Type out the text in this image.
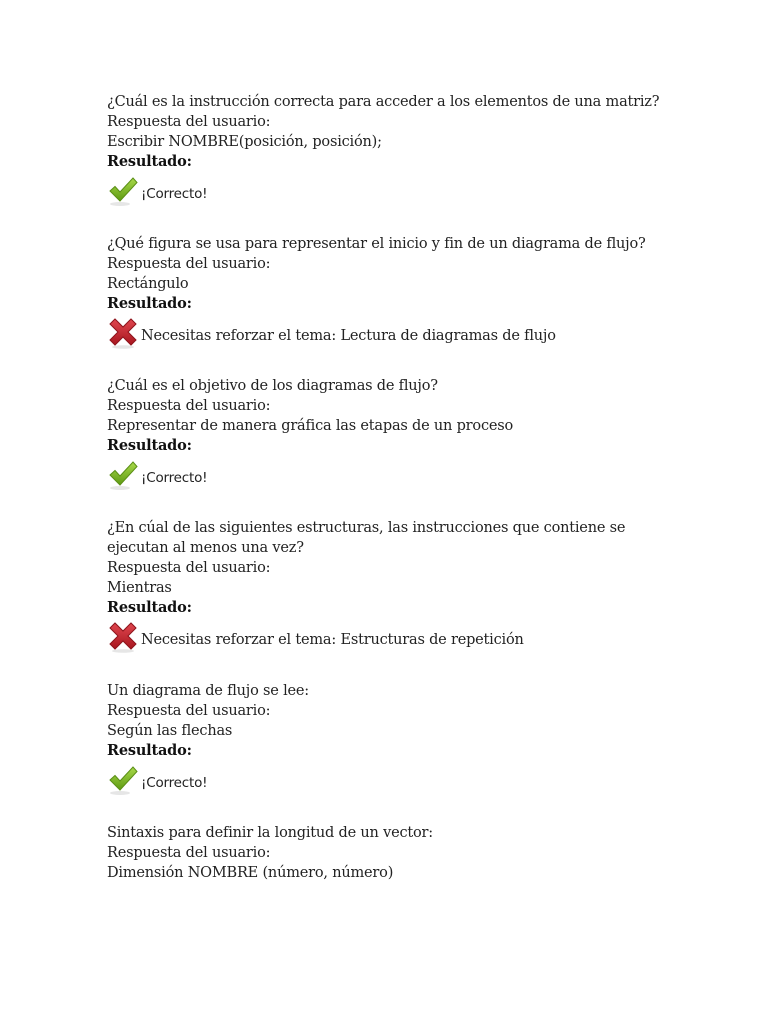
¿Cuál es la instrucción correcta para acceder a los elementos de una matriz?
Respuesta del usuario:
Escribir NOMBRE(posición, posición);
Resultado:
¡Correcto!
¿Qué figura se usa para representar el inicio y fin de un diagrama de flujo?
Respuesta del usuario:
Rectángulo
Resultado:
Necesitas reforzar el tema: Lectura de diagramas de flujo
¿Cuál es el objetivo de los diagramas de flujo?
Respuesta del usuario:
Representar de manera gráfica las etapas de un proceso
Resultado:
¡Correcto!
¿En cúal de las siguientes estructuras, las instrucciones que contiene se ejecutan al menos una vez?
Respuesta del usuario:
Mientras
Resultado:
Necesitas reforzar el tema: Estructuras de repetición
Un diagrama de flujo se lee:
Respuesta del usuario:
Según las flechas
Resultado:
¡Correcto!
Sintaxis para definir la longitud de un vector:
Respuesta del usuario:
Dimensión NOMBRE (número, número)
